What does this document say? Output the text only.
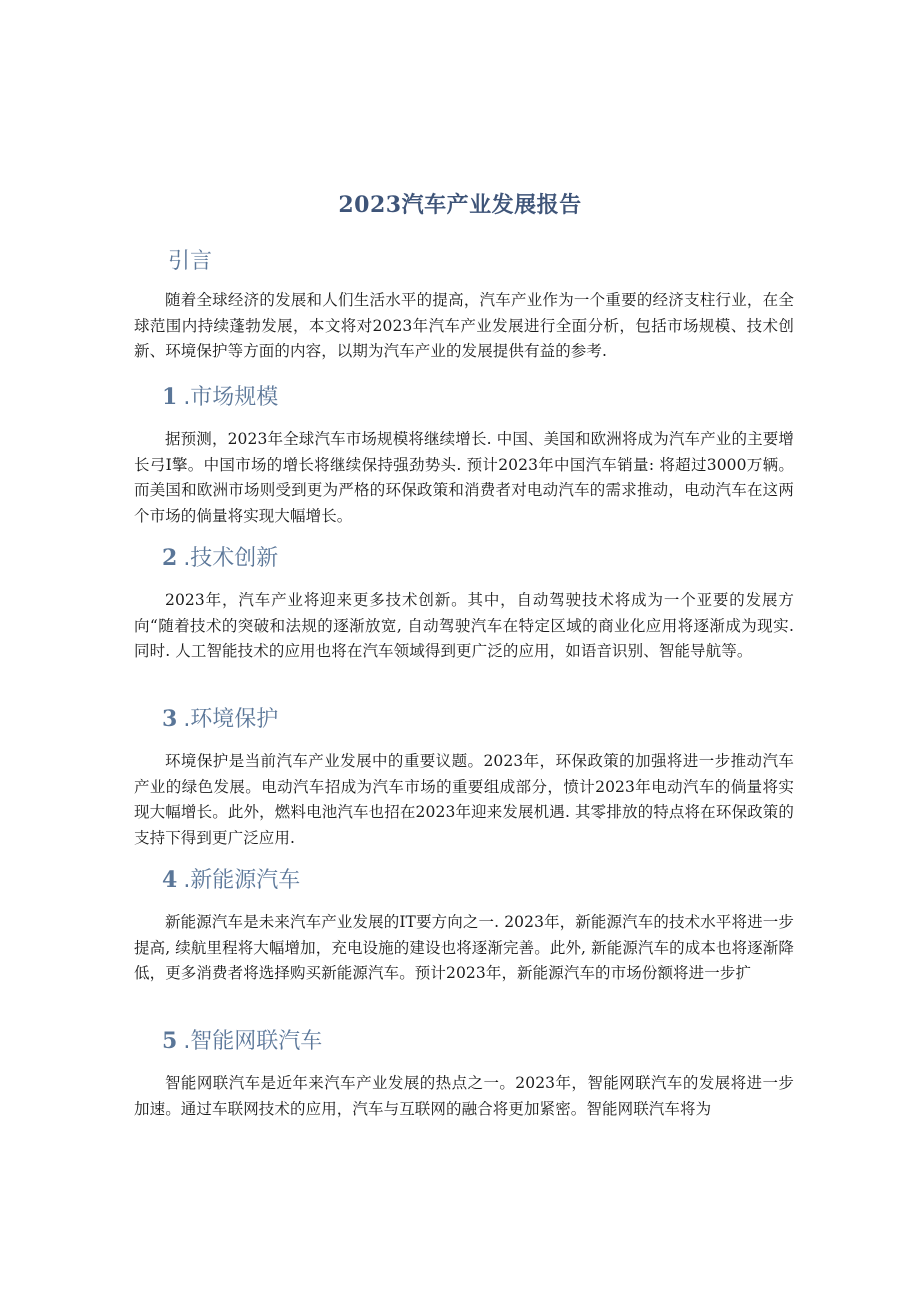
2023汽车产业发展报告
引言

随着全球经济的发展和人们生活水平的提高，汽车产业作为一个重要的经济支柱行业，在全球范围内持续蓬勃发展，本文将对2023年汽车产业发展进行全面分析，包括市场规模、技术创新、环境保护等方面的内容，以期为汽车产业的发展提供有益的参考.

1 .市场规模

据预测，2023年全球汽车市场规模将继续增长. 中国、美国和欧洲将成为汽车产业的主要增长弓I擎。中国市场的增长将继续保持强劲势头. 预计2023年中国汽车销量: 将超过3000万辆。而美国和欧洲市场则受到更为严格的环保政策和消费者对电动汽车的需求推动，电动汽车在这两个市场的倘量将实现大幅增长。

2 .技术创新

2023年，汽车产业将迎来更多技术创新。其中，自动驾驶技术将成为一个亚要的发展方向“随着技术的突破和法规的逐渐放宽, 自动驾驶汽车在特定区域的商业化应用将逐渐成为现实. 同时. 人工智能技术的应用也将在汽车领域得到更广泛的应用，如语音识别、智能导航等。

3 .环境保护

环境保护是当前汽车产业发展中的重要议题。2023年，环保政策的加强将进一步推动汽车产业的绿色发展。电动汽车招成为汽车市场的重要组成部分，愤计2023年电动汽车的倘量将实现大幅增长。此外，燃料电池汽车也招在2023年迎来发展机遇. 其零排放的特点将在环保政策的支持下得到更广泛应用.

4 .新能源汽车

新能源汽车是未来汽车产业发展的IT要方向之一. 2023年，新能源汽车的技术水平将进一步提高, 续航里程将大幅增加，充电设施的建设也将逐渐完善。此外, 新能源汽车的成本也将逐渐降低，更多消费者将选择购买新能源汽车。预计2023年，新能源汽车的市场份额将进一步扩

5 .智能网联汽车

智能网联汽车是近年来汽车产业发展的热点之一。2023年，智能网联汽车的发展将进一步加速。通过车联网技术的应用，汽车与互联网的融合将更加紧密。智能网联汽车将为
